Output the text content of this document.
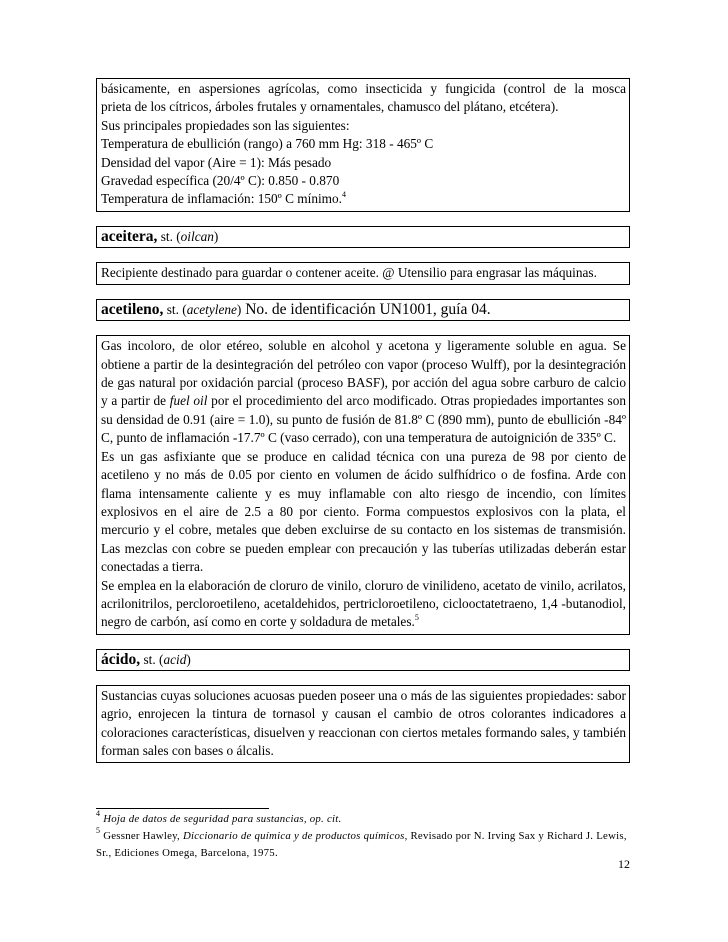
básicamente, en aspersiones agrícolas, como insecticida y fungicida (control de la mosca
prieta de los cítricos, árboles frutales y ornamentales, chamusco del plátano, etcétera).
Sus principales propiedades son las siguientes:
Temperatura de ebullición (rango) a 760 mm Hg: 318 - 465º C
Densidad del vapor (Aire = 1): Más pesado
Gravedad específica (20/4º C): 0.850 - 0.870
Temperatura de inflamación: 150º C mínimo.$^4$
aceitera, st. (oilcan)
Recipiente destinado para guardar o contener aceite. @ Utensilio para engrasar las máquinas.
acetileno, st. (acetylene) No. de identificación UN1001, guía 04.
Gas incoloro, de olor etéreo, soluble en alcohol y acetona y ligeramente soluble en agua. Se obtiene a partir de la desintegración del petróleo con vapor (proceso Wulff), por la desintegración de gas natural por oxidación parcial (proceso BASF), por acción del agua sobre carburo de calcio y a partir de fuel oil por el procedimiento del arco modificado. Otras propiedades importantes son su densidad de 0.91 (aire = 1.0), su punto de fusión de 81.8º C (890 mm), punto de ebullición -84º C, punto de inflamación -17.7º C (vaso cerrado), con una temperatura de autoignición de 335º C.
Es un gas asfixiante que se produce en calidad técnica con una pureza de 98 por ciento de acetileno y no más de 0.05 por ciento en volumen de ácido sulfhídrico o de fosfina. Arde con flama intensamente caliente y es muy inflamable con alto riesgo de incendio, con límites explosivos en el aire de 2.5 a 80 por ciento. Forma compuestos explosivos con la plata, el mercurio y el cobre, metales que deben excluirse de su contacto en los sistemas de transmisión. Las mezclas con cobre se pueden emplear con precaución y las tuberías utilizadas deberán estar conectadas a tierra.
Se emplea en la elaboración de cloruro de vinilo, cloruro de vinilideno, acetato de vinilo, acrilatos, acrilonitrilos, percloroetileno, acetaldehidos, pertricloroetileno, ciclooctatetraeno, 1,4 -butanodiol, negro de carbón, así como en corte y soldadura de metales.$^5$
ácido, st. (acid)
Sustancias cuyas soluciones acuosas pueden poseer una o más de las siguientes propiedades: sabor agrio, enrojecen la tintura de tornasol y causan el cambio de otros colorantes indicadores a coloraciones características, disuelven y reaccionan con ciertos metales formando sales, y también forman sales con bases o álcalis.
$^4$ Hoja de datos de seguridad para sustancias, op. cit.
$^5$ Gessner Hawley, Diccionario de química y de productos químicos, Revisado por N. Irving Sax y Richard J. Lewis, Sr., Ediciones Omega, Barcelona, 1975.
12
